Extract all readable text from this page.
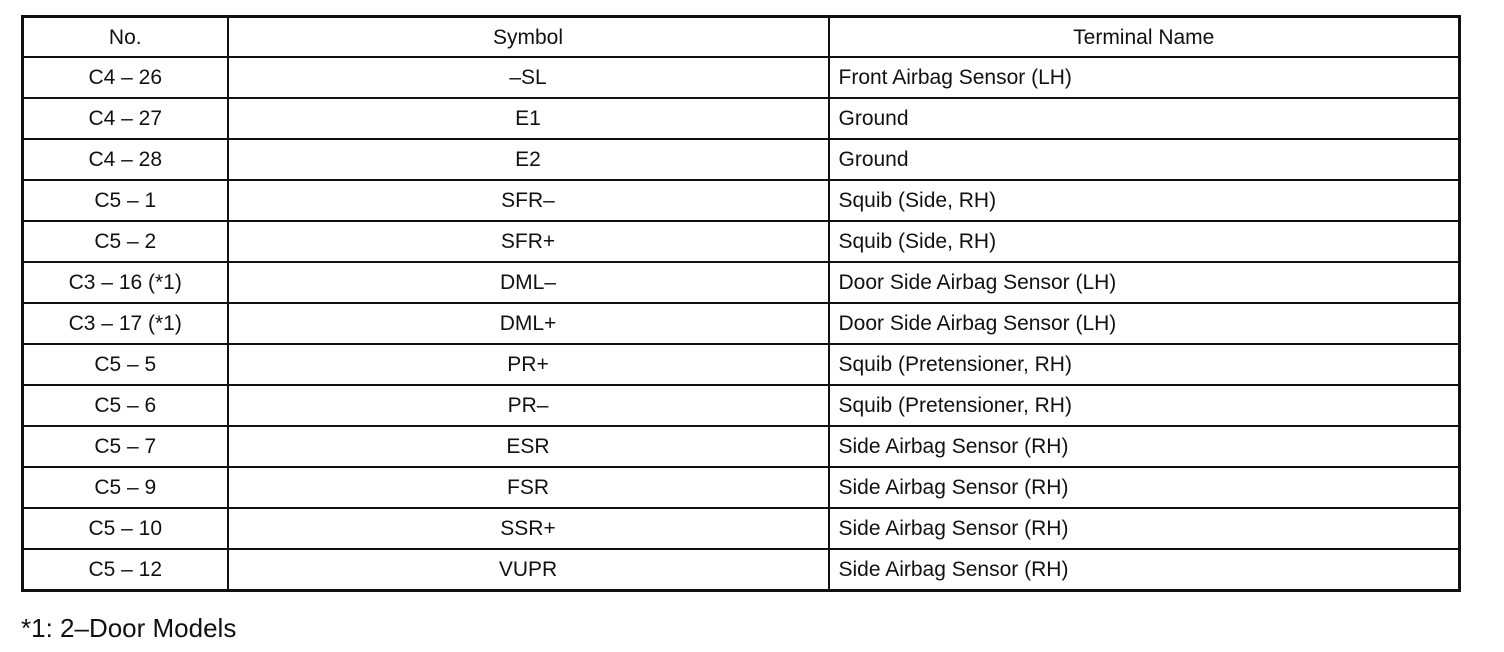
No.	Symbol	Terminal Name
C4 – 26	–SL	Front Airbag Sensor (LH)
C4 – 27	E1	Ground
C4 – 28	E2	Ground
C5 – 1	SFR–	Squib (Side, RH)
C5 – 2	SFR+	Squib (Side, RH)
C3 – 16 (*1)	DML–	Door Side Airbag Sensor (LH)
C3 – 17 (*1)	DML+	Door Side Airbag Sensor (LH)
C5 – 5	PR+	Squib (Pretensioner, RH)
C5 – 6	PR–	Squib (Pretensioner, RH)
C5 – 7	ESR	Side Airbag Sensor (RH)
C5 – 9	FSR	Side Airbag Sensor (RH)
C5 – 10	SSR+	Side Airbag Sensor (RH)
C5 – 12	VUPR	Side Airbag Sensor (RH)
*1: 2–Door Models
